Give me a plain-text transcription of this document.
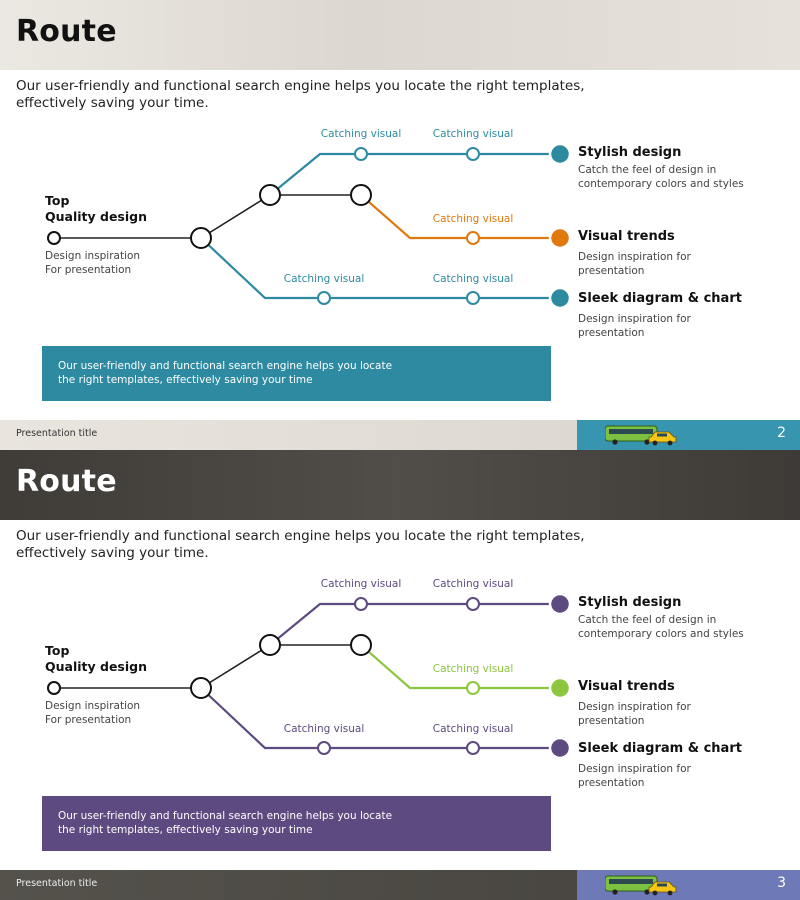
Route
Our user-friendly and functional search engine helps you locate the right templates, effectively saving your time.
Catching visual	Catching visual
Catching visual
Catching visual	Catching visual
Top
Quality design
Design inspiration
For presentation
Stylish design
Catch the feel of design in
contemporary colors and styles
Visual trends
Design inspiration for
presentation
Sleek diagram & chart
Design inspiration for
presentation
Our user-friendly and functional search engine helps you locate
the right templates, effectively saving your time
Presentation title	2
Route
Our user-friendly and functional search engine helps you locate the right templates, effectively saving your time.
Catching visual	Catching visual
Catching visual
Catching visual	Catching visual
Top
Quality design
Design inspiration
For presentation
Stylish design
Catch the feel of design in
contemporary colors and styles
Visual trends
Design inspiration for
presentation
Sleek diagram & chart
Design inspiration for
presentation
Our user-friendly and functional search engine helps you locate
the right templates, effectively saving your time
Presentation title	3
